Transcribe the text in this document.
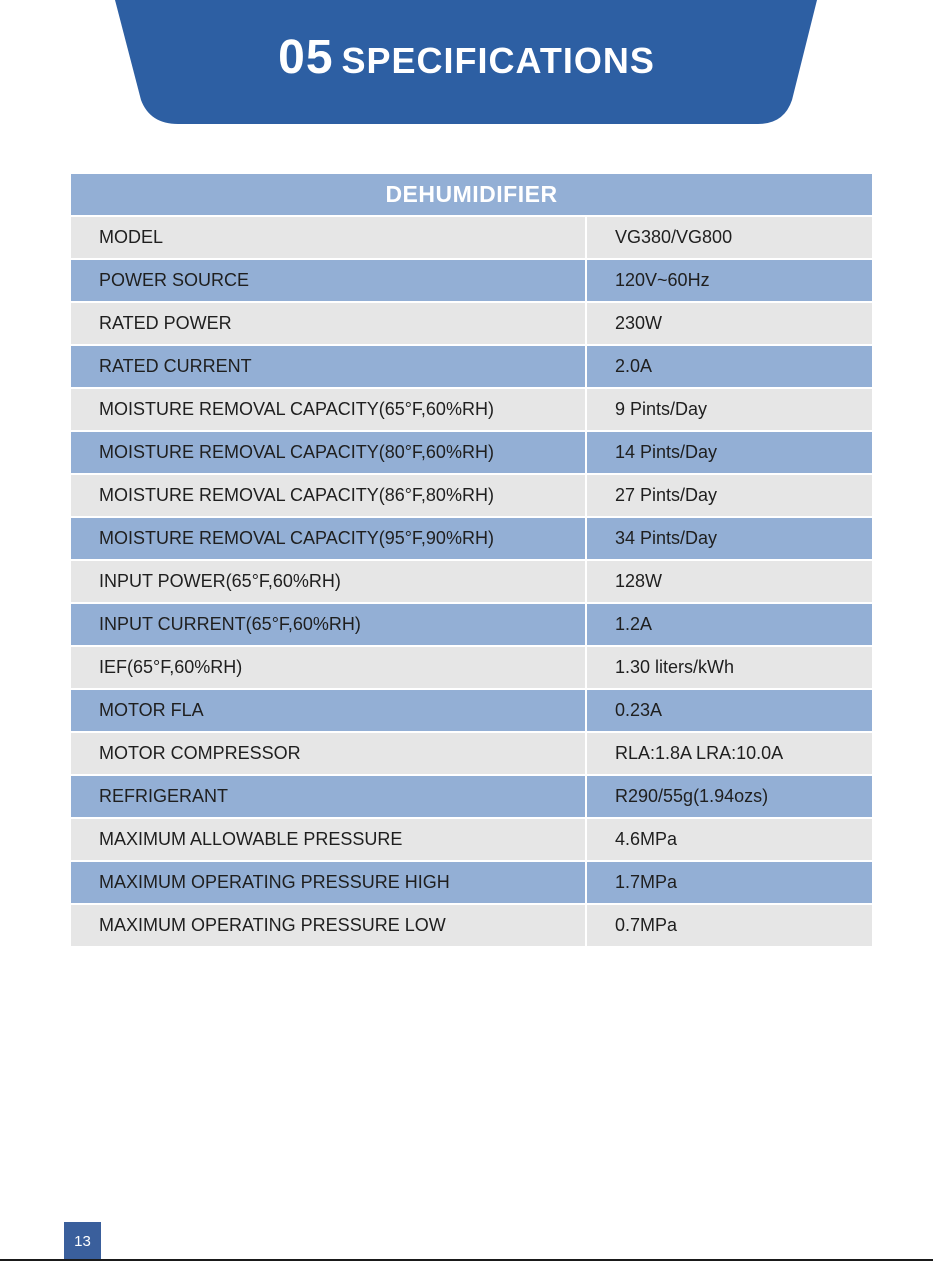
05 SPECIFICATIONS
DEHUMIDIFIER	
MODEL	VG380/VG800
POWER SOURCE	120V~60Hz
RATED POWER	230W
RATED CURRENT	2.0A
MOISTURE REMOVAL CAPACITY(65°F,60%RH)	9 Pints/Day
MOISTURE REMOVAL CAPACITY(80°F,60%RH)	14 Pints/Day
MOISTURE REMOVAL CAPACITY(86°F,80%RH)	27 Pints/Day
MOISTURE REMOVAL CAPACITY(95°F,90%RH)	34 Pints/Day
INPUT POWER(65°F,60%RH)	128W
INPUT CURRENT(65°F,60%RH)	1.2A
IEF(65°F,60%RH)	1.30 liters/kWh
MOTOR FLA	0.23A
MOTOR COMPRESSOR	RLA:1.8A LRA:10.0A
REFRIGERANT	R290/55g(1.94ozs)
MAXIMUM ALLOWABLE PRESSURE	4.6MPa
MAXIMUM OPERATING PRESSURE HIGH	1.7MPa
MAXIMUM OPERATING PRESSURE LOW	0.7MPa
13
